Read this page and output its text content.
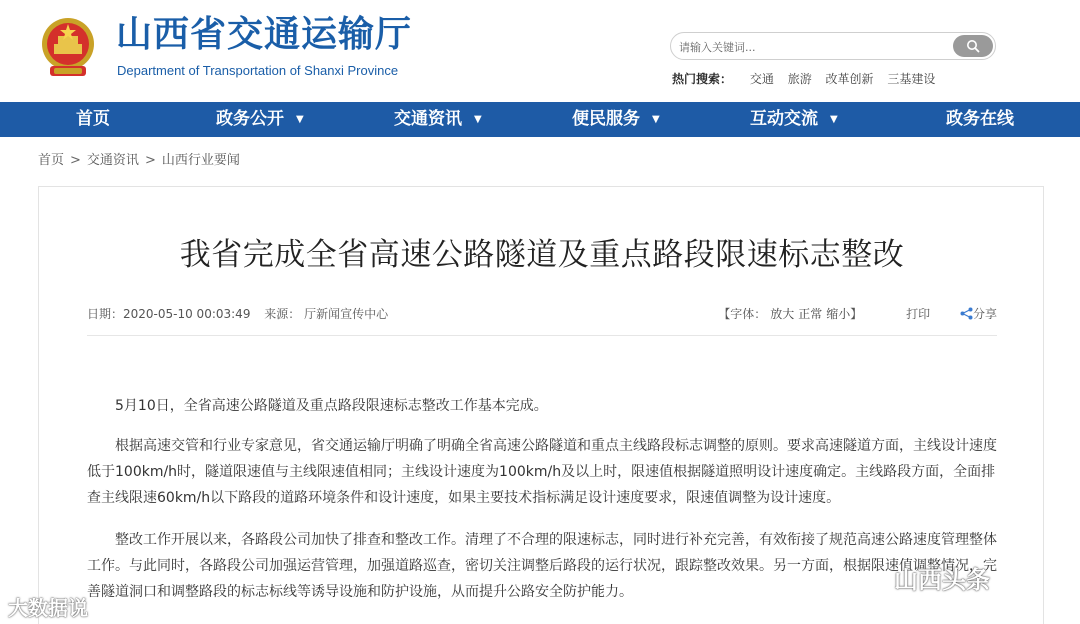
山西省交通运输厅
Department of Transportation of Shanxi Province
请输入关键词...
热门搜索： 交通 旅游 改革创新 三基建设
首页	政务公开 ▼	交通资讯 ▼	便民服务 ▼	互动交流 ▼	政务在线
首页 > 交通资讯 > 山西行业要闻
我省完成全省高速公路隧道及重点路段限速标志整改
日期：2020-05-10 00:03:49 来源： 厅新闻宣传中心	【字体： 放大 正常 缩小】	打印	分享

5月10日，全省高速公路隧道及重点路段限速标志整改工作基本完成。

根据高速交管和行业专家意见，省交通运输厅明确了明确全省高速公路隧道和重点主线路段标志调整的原则。要求高速隧道方面，主线设计速度低于100km/h时，隧道限速值与主线限速值相同；主线设计速度为100km/h及以上时，限速值根据隧道照明设计速度确定。主线路段方面，全面排查主线限速60km/h以下路段的道路环境条件和设计速度，如果主要技术指标满足设计速度要求，限速值调整为设计速度。

整改工作开展以来，各路段公司加快了排查和整改工作。清理了不合理的限速标志，同时进行补充完善，有效衔接了规范高速公路速度管理整体工作。与此同时，各路段公司加强运营管理，加强道路巡查，密切关注调整后路段的运行状况，跟踪整改效果。另一方面，根据限速值调整情况，完善隧道洞口和调整路段的标志标线等诱导设施和防护设施，从而提升公路安全防护能力。

大数据说
山西头条
